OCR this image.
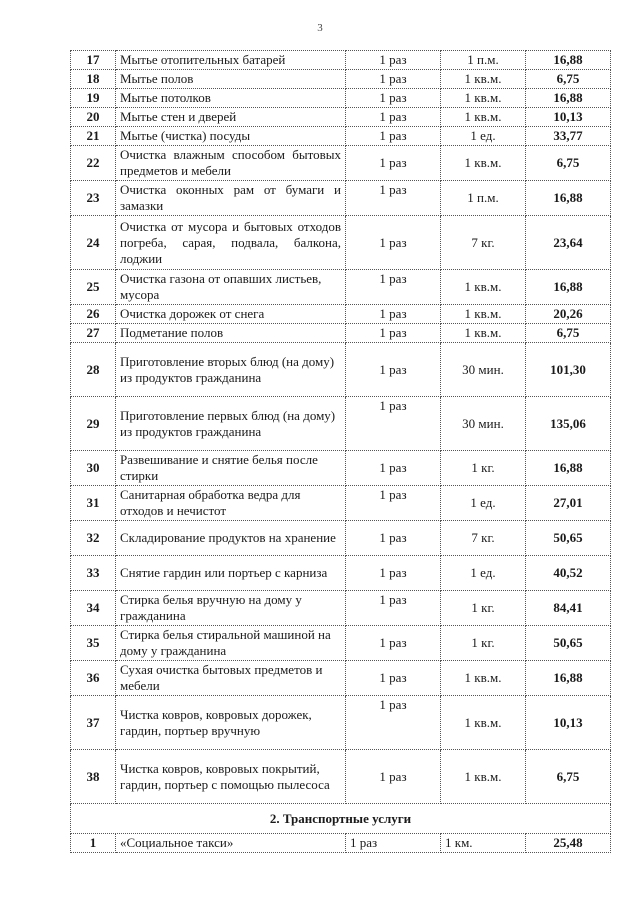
3
17	Мытье отопительных батарей	1 раз	1 п.м.	16,88
18	Мытье полов	1 раз	1 кв.м.	6,75
19	Мытье потолков	1 раз	1 кв.м.	16,88
20	Мытье стен и дверей	1 раз	1 кв.м.	10,13
21	Мытье (чистка) посуды	1 раз	1 ед.	33,77
22	Очистка влажным способом бытовых предметов и мебели	1 раз	1 кв.м.	6,75
23	Очистка оконных рам от бумаги и замазки	1 раз	1 п.м.	16,88
24	Очистка от мусора и бытовых отходов погреба, сарая, подвала, балкона, лоджии	1 раз	7 кг.	23,64
25	Очистка газона от опавших листьев, мусора	1 раз	1 кв.м.	16,88
26	Очистка дорожек от снега	1 раз	1 кв.м.	20,26
27	Подметание полов	1 раз	1 кв.м.	6,75
28	Приготовление вторых блюд (на дому) из продуктов гражданина	1 раз	30 мин.	101,30
29	Приготовление первых блюд (на дому) из продуктов гражданина	1 раз	30 мин.	135,06
30	Развешивание и снятие белья после стирки	1 раз	1 кг.	16,88
31	Санитарная обработка ведра для отходов и нечистот	1 раз	1 ед.	27,01
32	Складирование продуктов на хранение	1 раз	7 кг.	50,65
33	Снятие гардин или портьер с карниза	1 раз	1 ед.	40,52
34	Стирка белья вручную на дому у гражданина	1 раз	1 кг.	84,41
35	Стирка белья стиральной машиной на дому у гражданина	1 раз	1 кг.	50,65
36	Сухая очистка бытовых предметов и мебели	1 раз	1 кв.м.	16,88
37	Чистка ковров, ковровых дорожек, гардин, портьер вручную	1 раз	1 кв.м.	10,13
38	Чистка ковров, ковровых покрытий, гардин, портьер с помощью пылесоса	1 раз	1 кв.м.	6,75
2. Транспортные услуги				
1	«Социальное такси»	1 раз	1 км.	25,48
